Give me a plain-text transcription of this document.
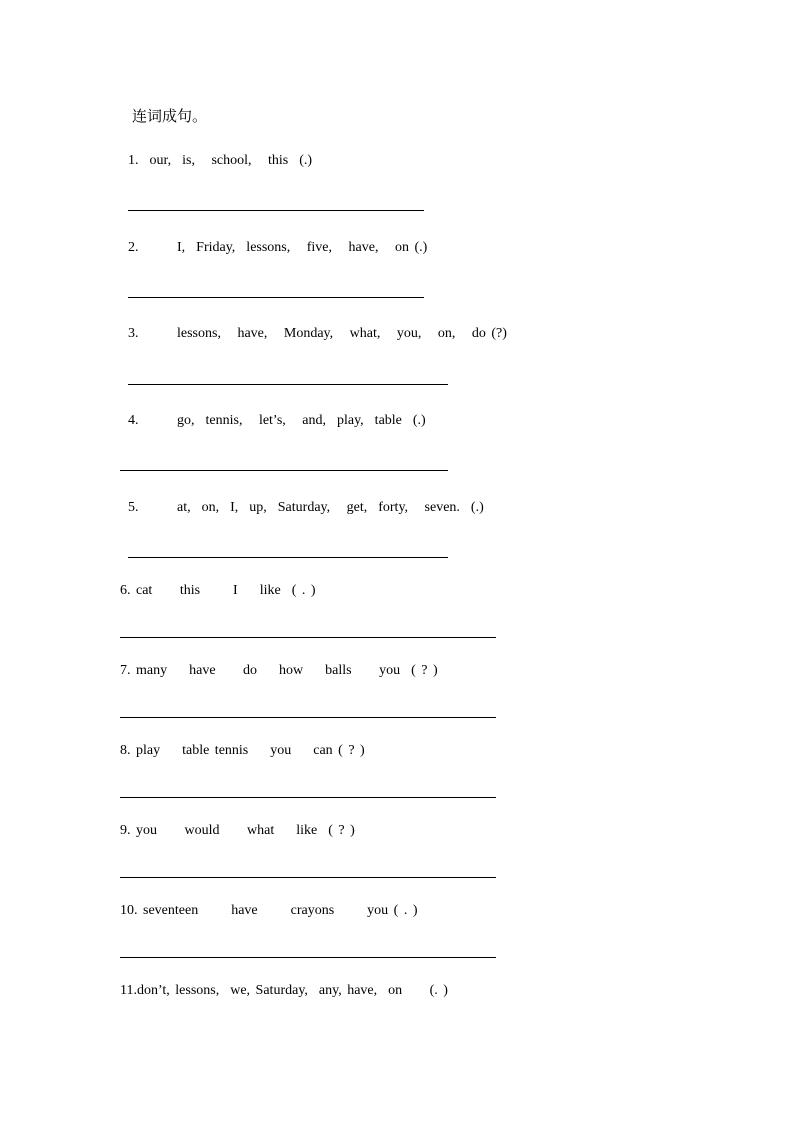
连词成句。
1.  our,  is,   school,   this  (.)
2.       I,  Friday,  lessons,   five,   have,   on (.)
3.       lessons,   have,   Monday,   what,   you,   on,   do (?)
4.       go,  tennis,   let’s,   and,  play,  table  (.)
5.       at,  on,  I,  up,  Saturday,   get,  forty,   seven.  (.)
6. cat     this      I    like  ( . )
7. many    have     do    how    balls     you  ( ? )
8. play    table tennis    you    can ( ? )
9. you     would     what    like  ( ? )
10. seventeen      have      crayons      you ( . )
11.don’t, lessons,  we, Saturday,  any, have,  on     (. )
